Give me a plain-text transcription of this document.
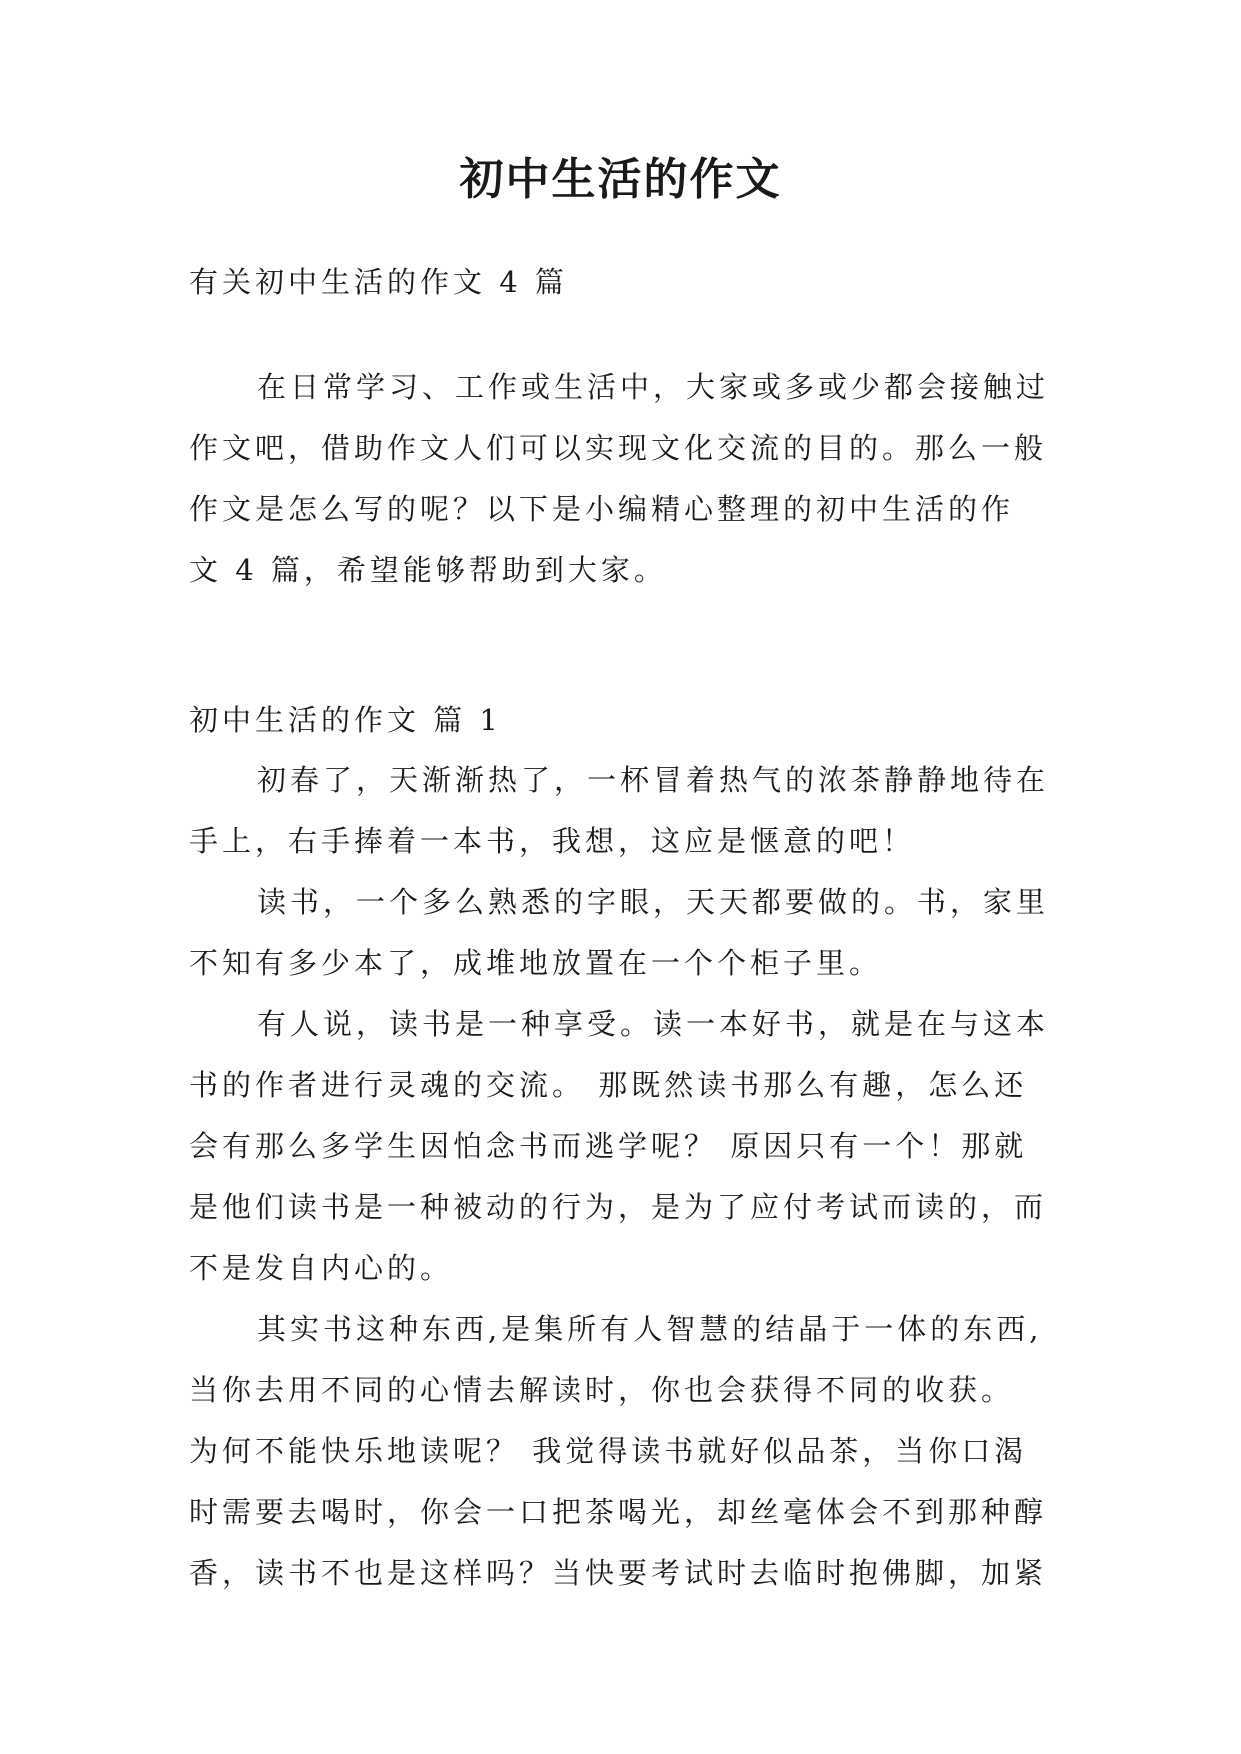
初中生活的作文
有关初中生活的作文 4 篇
在日常学习、工作或生活中，大家或多或少都会接触过
作文吧，借助作文人们可以实现文化交流的目的。那么一般
作文是怎么写的呢？以下是小编精心整理的初中生活的作
文 4 篇，希望能够帮助到大家。
初中生活的作文 篇 1
初春了，天渐渐热了，一杯冒着热气的浓茶静静地待在
手上，右手捧着一本书，我想，这应是惬意的吧！
读书，一个多么熟悉的字眼，天天都要做的。书，家里
不知有多少本了，成堆地放置在一个个柜子里。
有人说，读书是一种享受。读一本好书，就是在与这本
书的作者进行灵魂的交流。 那既然读书那么有趣，怎么还
会有那么多学生因怕念书而逃学呢？ 原因只有一个！那就
是他们读书是一种被动的行为，是为了应付考试而读的，而
不是发自内心的。
其实书这种东西,是集所有人智慧的结晶于一体的东西,
当你去用不同的心情去解读时，你也会获得不同的收获。
为何不能快乐地读呢？ 我觉得读书就好似品茶，当你口渴
时需要去喝时，你会一口把茶喝光，却丝毫体会不到那种醇
香，读书不也是这样吗？当快要考试时去临时抱佛脚，加紧
